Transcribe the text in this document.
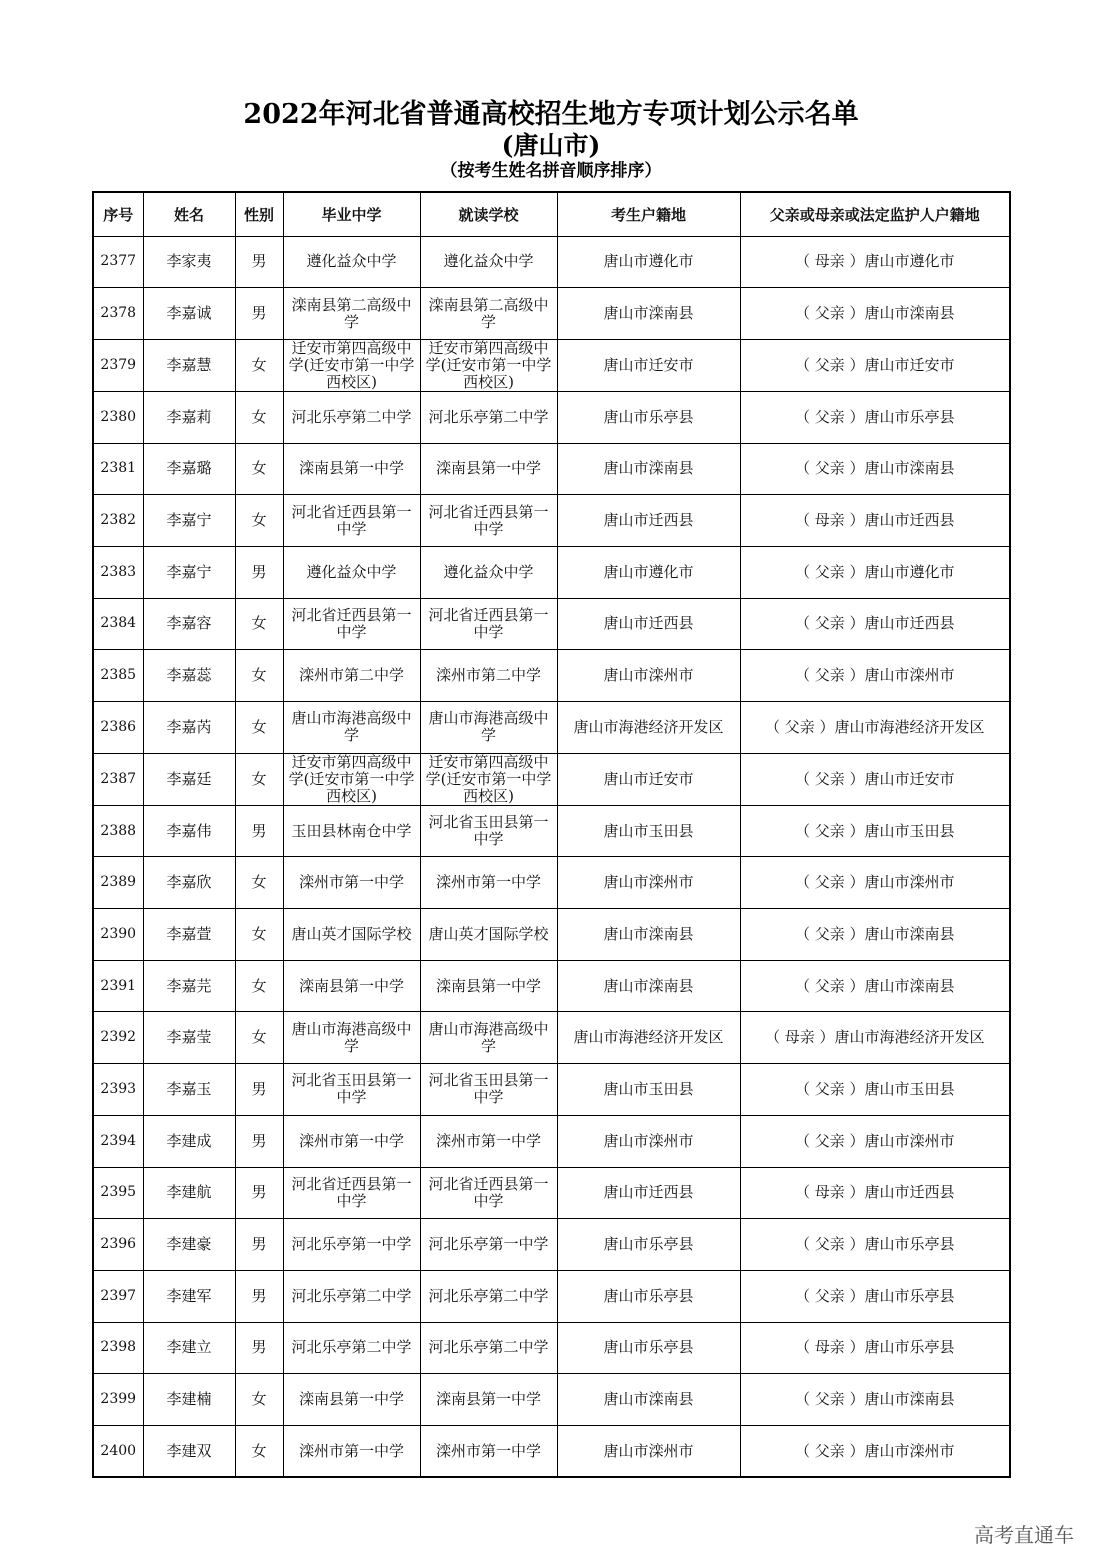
2022年河北省普通高校招生地方专项计划公示名单
(唐山市)
（按考生姓名拼音顺序排序）
序号	姓名	性别	毕业中学	就读学校	考生户籍地	父亲或母亲或法定监护人户籍地
2377	李家夷	男	遵化益众中学	遵化益众中学	唐山市遵化市	（ 母亲 ）唐山市遵化市
2378	李嘉诚	男	滦南县第二高级中学	滦南县第二高级中学	唐山市滦南县	（ 父亲 ）唐山市滦南县
2379	李嘉慧	女	迁安市第四高级中学(迁安市第一中学西校区)	迁安市第四高级中学(迁安市第一中学西校区)	唐山市迁安市	（ 父亲 ）唐山市迁安市
2380	李嘉莉	女	河北乐亭第二中学	河北乐亭第二中学	唐山市乐亭县	（ 父亲 ）唐山市乐亭县
2381	李嘉璐	女	滦南县第一中学	滦南县第一中学	唐山市滦南县	（ 父亲 ）唐山市滦南县
2382	李嘉宁	女	河北省迁西县第一中学	河北省迁西县第一中学	唐山市迁西县	（ 母亲 ）唐山市迁西县
2383	李嘉宁	男	遵化益众中学	遵化益众中学	唐山市遵化市	（ 父亲 ）唐山市遵化市
2384	李嘉容	女	河北省迁西县第一中学	河北省迁西县第一中学	唐山市迁西县	（ 父亲 ）唐山市迁西县
2385	李嘉蕊	女	滦州市第二中学	滦州市第二中学	唐山市滦州市	（ 父亲 ）唐山市滦州市
2386	李嘉芮	女	唐山市海港高级中学	唐山市海港高级中学	唐山市海港经济开发区	（ 父亲 ）唐山市海港经济开发区
2387	李嘉廷	女	迁安市第四高级中学(迁安市第一中学西校区)	迁安市第四高级中学(迁安市第一中学西校区)	唐山市迁安市	（ 父亲 ）唐山市迁安市
2388	李嘉伟	男	玉田县林南仓中学	河北省玉田县第一中学	唐山市玉田县	（ 父亲 ）唐山市玉田县
2389	李嘉欣	女	滦州市第一中学	滦州市第一中学	唐山市滦州市	（ 父亲 ）唐山市滦州市
2390	李嘉萱	女	唐山英才国际学校	唐山英才国际学校	唐山市滦南县	（ 父亲 ）唐山市滦南县
2391	李嘉芫	女	滦南县第一中学	滦南县第一中学	唐山市滦南县	（ 父亲 ）唐山市滦南县
2392	李嘉莹	女	唐山市海港高级中学	唐山市海港高级中学	唐山市海港经济开发区	（ 母亲 ）唐山市海港经济开发区
2393	李嘉玉	男	河北省玉田县第一中学	河北省玉田县第一中学	唐山市玉田县	（ 父亲 ）唐山市玉田县
2394	李建成	男	滦州市第一中学	滦州市第一中学	唐山市滦州市	（ 父亲 ）唐山市滦州市
2395	李建航	男	河北省迁西县第一中学	河北省迁西县第一中学	唐山市迁西县	（ 母亲 ）唐山市迁西县
2396	李建豪	男	河北乐亭第一中学	河北乐亭第一中学	唐山市乐亭县	（ 父亲 ）唐山市乐亭县
2397	李建军	男	河北乐亭第二中学	河北乐亭第二中学	唐山市乐亭县	（ 父亲 ）唐山市乐亭县
2398	李建立	男	河北乐亭第二中学	河北乐亭第二中学	唐山市乐亭县	（ 母亲 ）唐山市乐亭县
2399	李建楠	女	滦南县第一中学	滦南县第一中学	唐山市滦南县	（ 父亲 ）唐山市滦南县
2400	李建双	女	滦州市第一中学	滦州市第一中学	唐山市滦州市	（ 父亲 ）唐山市滦州市
高考直通车
